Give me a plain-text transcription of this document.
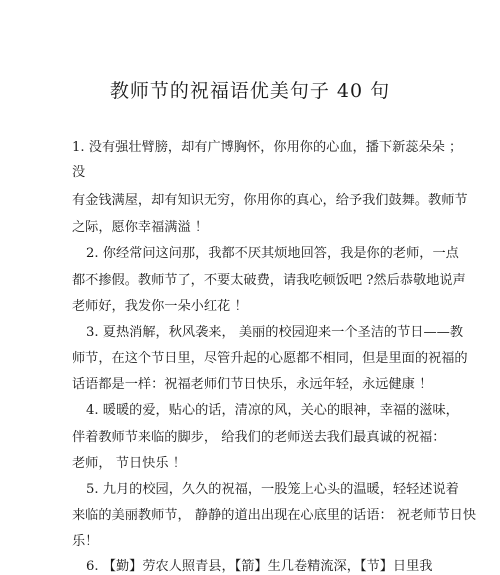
教师节的祝福语优美句子 40 句
1. 没有强壮臂膀，却有广博胸怀，你用你的心血，播下新蕊朵朵 ；
没
有金钱满屋，却有知识无穷，你用你的真心，给予我们鼓舞。教师节
之际，愿你幸福满溢 ！
2. 你经常问这问那，我都不厌其烦地回答，我是你的老师，一点
都不掺假。教师节了，不要太破费，请我吃顿饭吧 ?然后恭敬地说声
老师好，我发你一朵小红花 ！
3. 夏热消解，秋风袭来， 美丽的校园迎来一个圣洁的节日——教
师节，在这个节日里，尽管升起的心愿都不相同，但是里面的祝福的
话语都是一样：祝福老师们节日快乐，永远年轻，永远健康 ！
4. 暖暖的爱，贴心的话，清凉的风，关心的眼神，幸福的滋味，
伴着教师节来临的脚步， 给我们的老师送去我们最真诚的祝福：
老师， 节日快乐 ！
5. 九月的校园，久久的祝福，一股笼上心头的温暖，轻轻述说着
来临的美丽教师节， 静静的道出出现在心底里的话语： 祝老师节日快
乐！
6. 【勤】劳农人照青县，【箭】生几卷精流深，【节】日里我
